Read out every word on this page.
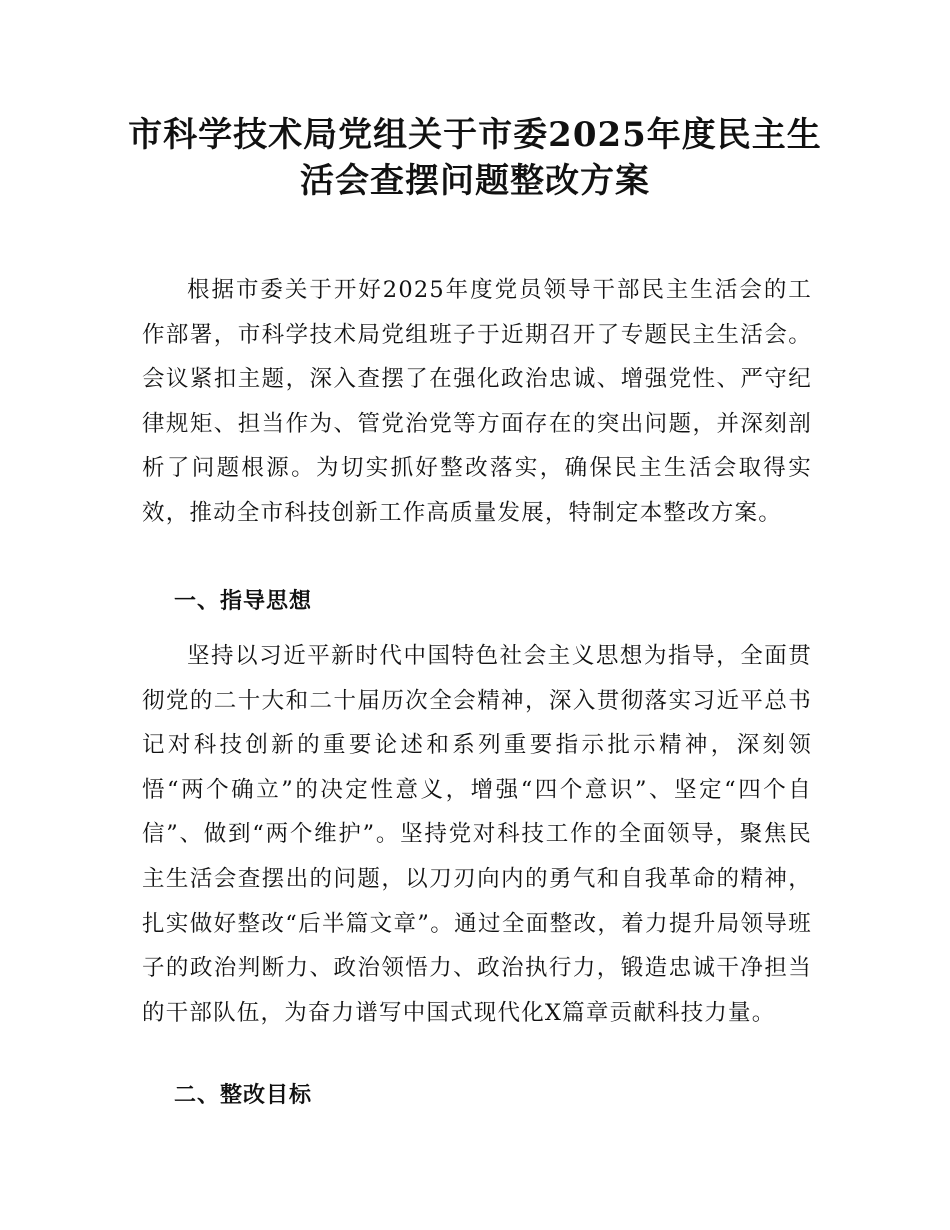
市科学技术局党组关于市委2025年度民主生
活会查摆问题整改方案

根据市委关于开好2025年度党员领导干部民主生活会的工作部署，市科学技术局党组班子于近期召开了专题民主生活会。会议紧扣主题，深入查摆了在强化政治忠诚、增强党性、严守纪律规矩、担当作为、管党治党等方面存在的突出问题，并深刻剖析了问题根源。为切实抓好整改落实，确保民主生活会取得实效，推动全市科技创新工作高质量发展，特制定本整改方案。

一、指导思想

坚持以习近平新时代中国特色社会主义思想为指导，全面贯彻党的二十大和二十届历次全会精神，深入贯彻落实习近平总书记对科技创新的重要论述和系列重要指示批示精神，深刻领悟“两个确立”的决定性意义，增强“四个意识”、坚定“四个自信”、做到“两个维护”。坚持党对科技工作的全面领导，聚焦民主生活会查摆出的问题，以刀刃向内的勇气和自我革命的精神，扎实做好整改“后半篇文章”。通过全面整改，着力提升局领导班子的政治判断力、政治领悟力、政治执行力，锻造忠诚干净担当的干部队伍，为奋力谱写中国式现代化X篇章贡献科技力量。

二、整改目标
